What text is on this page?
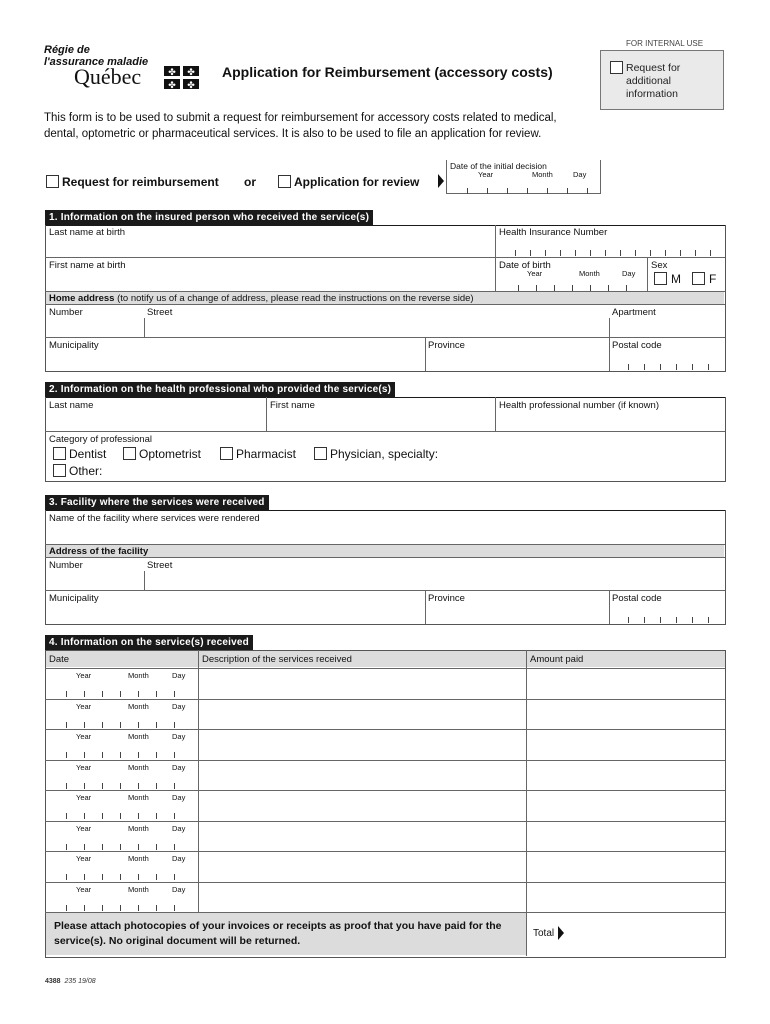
Régie de
l'assurance maladie
Québec	✤ ✤
✤ ✤
Application for Reimbursement (accessory costs)
FOR INTERNAL USE
Request for additional information
This form is to be used to submit a request for reimbursement for accessory costs related to medical, dental, optometric or pharmaceutical services. It is also to be used to file an application for review.
Request for reimbursement or	Application for review
Date of the initial decision
Year	Month	Day
1. Information on the insured person who received the service(s)
Last name at birth	Health Insurance Number
First name at birth	Date of birth
Year	Month	Day
Sex
M F
Home address (to notify us of a change of address, please read the instructions on the reverse side)
Number	Street	Apartment
Municipality	Province	Postal code
2. Information on the health professional who provided the service(s)
Last name	First name	Health professional number (if known)
Category of professional
Dentist	Optometrist	Pharmacist	Physician, specialty:
Other:
3. Facility where the services were received
Name of the facility where services were rendered
Address of the facility
Number	Street
Municipality	Province	Postal code
4. Information on the service(s) received
Date	Description of the services received	Amount paid
Year	Month	Day
Year	Month	Day
Year	Month	Day
Year	Month	Day
Year	Month	Day
Year	Month	Day
Year	Month	Day
Year	Month	Day
Please attach photocopies of your invoices or receipts as proof that you have paid for the service(s). No original document will be returned.
Total
4388 235 19/08
